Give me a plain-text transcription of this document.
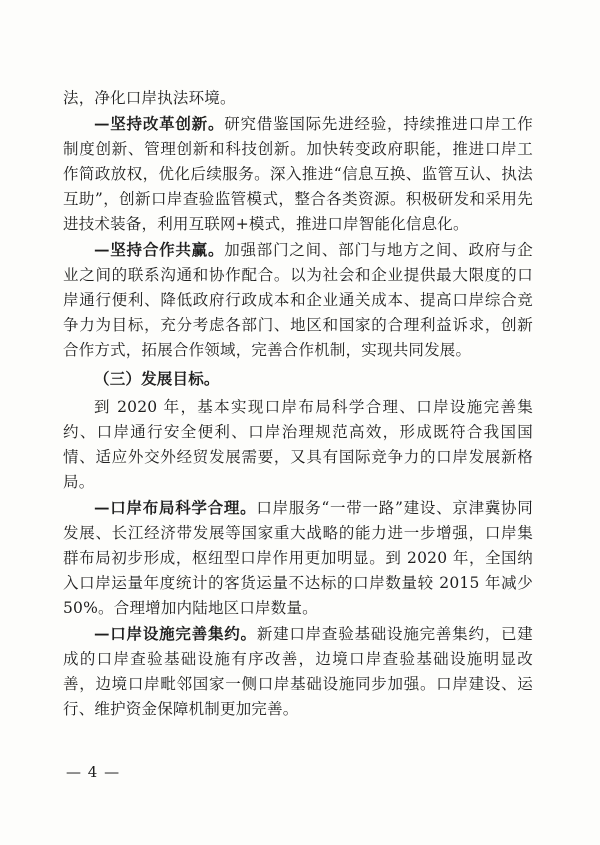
法，净化口岸执法环境。

—坚持改革创新。研究借鉴国际先进经验，持续推进口岸工作制度创新、管理创新和科技创新。加快转变政府职能，推进口岸工作简政放权，优化后续服务。深入推进“信息互换、监管互认、执法互助”，创新口岸查验监管模式，整合各类资源。积极研发和采用先进技术装备，利用互联网+模式，推进口岸智能化信息化。

—坚持合作共赢。加强部门之间、部门与地方之间、政府与企业之间的联系沟通和协作配合。以为社会和企业提供最大限度的口岸通行便利、降低政府行政成本和企业通关成本、提高口岸综合竞争力为目标，充分考虑各部门、地区和国家的合理利益诉求，创新合作方式，拓展合作领域，完善合作机制，实现共同发展。

（三）发展目标。

到 2020 年，基本实现口岸布局科学合理、口岸设施完善集约、口岸通行安全便利、口岸治理规范高效，形成既符合我国国情、适应外交外经贸发展需要，又具有国际竞争力的口岸发展新格局。

—口岸布局科学合理。口岸服务“一带一路”建设、京津冀协同发展、长江经济带发展等国家重大战略的能力进一步增强，口岸集群布局初步形成，枢纽型口岸作用更加明显。到 2020 年，全国纳入口岸运量年度统计的客货运量不达标的口岸数量较 2015 年减少 50%。合理增加内陆地区口岸数量。

—口岸设施完善集约。新建口岸查验基础设施完善集约，已建成的口岸查验基础设施有序改善，边境口岸查验基础设施明显改善，边境口岸毗邻国家一侧口岸基础设施同步加强。口岸建设、运行、维护资金保障机制更加完善。

— 4 —
